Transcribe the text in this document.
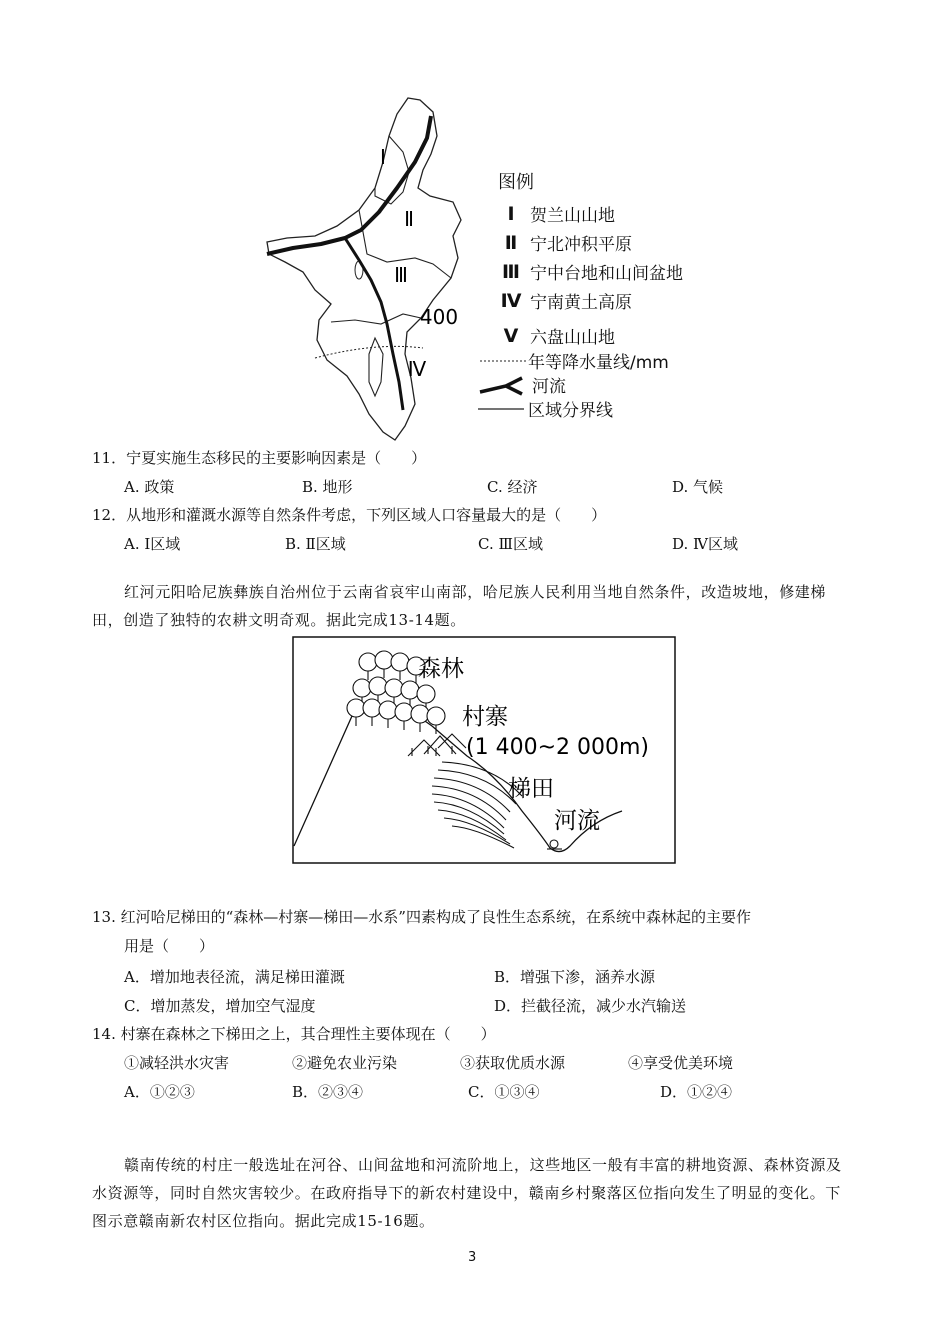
Ⅰ
Ⅱ
Ⅲ
Ⅳ
400
图例
Ⅰ 贺兰山山地
Ⅱ 宁北冲积平原
Ⅲ 宁中台地和山间盆地
Ⅳ 宁南黄土高原
Ⅴ 六盘山山地
年等降水量线/mm
河流
区域分界线
11．宁夏实施生态移民的主要影响因素是（　　）
A. 政策	B. 地形	C. 经济	D. 气候
12．从地形和灌溉水源等自然条件考虑，下列区域人口容量最大的是（　　）
A. Ⅰ区域	B. Ⅱ区域	C. Ⅲ区域	D. Ⅳ区域
红河元阳哈尼族彝族自治州位于云南省哀牢山南部，哈尼族人民利用当地自然条件，改造坡地，修建梯田，创造了独特的农耕文明奇观。据此完成13-14题。
森林
村寨
(1 400~2 000m)
梯田
河流
13. 红河哈尼梯田的“森林—村寨—梯田—水系”四素构成了良性生态系统，在系统中森林起的主要作
用是（　　）
A．增加地表径流，满足梯田灌溉	B．增强下渗，涵养水源
C．增加蒸发，增加空气湿度	D．拦截径流，减少水汽输送
14. 村寨在森林之下梯田之上，其合理性主要体现在（　　）
①减轻洪水灾害	②避免农业污染	③获取优质水源	④享受优美环境
A．①②③	B．②③④	C．①③④	D．①②④
赣南传统的村庄一般选址在河谷、山间盆地和河流阶地上，这些地区一般有丰富的耕地资源、森林资源及水资源等，同时自然灾害较少。在政府指导下的新农村建设中，赣南乡村聚落区位指向发生了明显的变化。下图示意赣南新农村区位指向。据此完成15-16题。
3
